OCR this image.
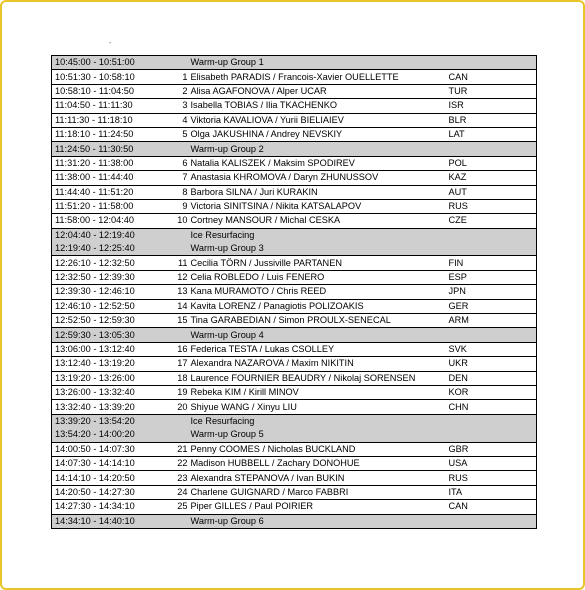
-
10:45:00 - 10:51:00		Warm-up Group 1	
10:51:30 - 10:58:10	1	Elisabeth PARADIS / Francois-Xavier OUELLETTE	CAN
10:58:10 - 11:04:50	2	Alisa AGAFONOVA / Alper UCAR	TUR
11:04:50 - 11:11:30	3	Isabella TOBIAS / Ilia TKACHENKO	ISR
11:11:30 - 11:18:10	4	Viktoria KAVALIOVA / Yurii BIELIAIEV	BLR
11:18:10 - 11:24:50	5	Olga JAKUSHINA / Andrey NEVSKIY	LAT
11:24:50 - 11:30:50		Warm-up Group 2	
11:31:20 - 11:38:00	6	Natalia KALISZEK / Maksim SPODIREV	POL
11:38:00 - 11:44:40	7	Anastasia KHROMOVA / Daryn ZHUNUSSOV	KAZ
11:44:40 - 11:51:20	8	Barbora SILNA / Juri KURAKIN	AUT
11:51:20 - 11:58:00	9	Victoria SINITSINA / Nikita KATSALAPOV	RUS
11:58:00 - 12:04:40	10	Cortney MANSOUR / Michal CESKA	CZE
12:04:40 - 12:19:40		Ice Resurfacing	
12:19:40 - 12:25:40		Warm-up Group 3	
12:26:10 - 12:32:50	11	Cecilia TÖRN / Jussiville PARTANEN	FIN
12:32:50 - 12:39:30	12	Celia ROBLEDO / Luis FENERO	ESP
12:39:30 - 12:46:10	13	Kana MURAMOTO / Chris REED	JPN
12:46:10 - 12:52:50	14	Kavita LORENZ / Panagiotis POLIZOAKIS	GER
12:52:50 - 12:59:30	15	Tina GARABEDIAN / Simon PROULX-SENECAL	ARM
12:59:30 - 13:05:30		Warm-up Group 4	
13:06:00 - 13:12:40	16	Federica TESTA / Lukas CSOLLEY	SVK
13:12:40 - 13:19:20	17	Alexandra NAZAROVA / Maxim NIKITIN	UKR
13:19:20 - 13:26:00	18	Laurence FOURNIER BEAUDRY / Nikolaj SORENSEN	DEN
13:26:00 - 13:32:40	19	Rebeka KIM / Kirill MINOV	KOR
13:32:40 - 13:39:20	20	Shiyue WANG / Xinyu LIU	CHN
13:39:20 - 13:54:20		Ice Resurfacing	
13:54:20 - 14:00:20		Warm-up Group 5	
14:00:50 - 14:07:30	21	Penny COOMES / Nicholas BUCKLAND	GBR
14:07:30 - 14:14:10	22	Madison HUBBELL / Zachary DONOHUE	USA
14:14:10 - 14:20:50	23	Alexandra STEPANOVA / Ivan BUKIN	RUS
14:20:50 - 14:27:30	24	Charlene GUIGNARD / Marco FABBRI	ITA
14:27:30 - 14:34:10	25	Piper GILLES / Paul POIRIER	CAN
14:34:10 - 14:40:10		Warm-up Group 6	
